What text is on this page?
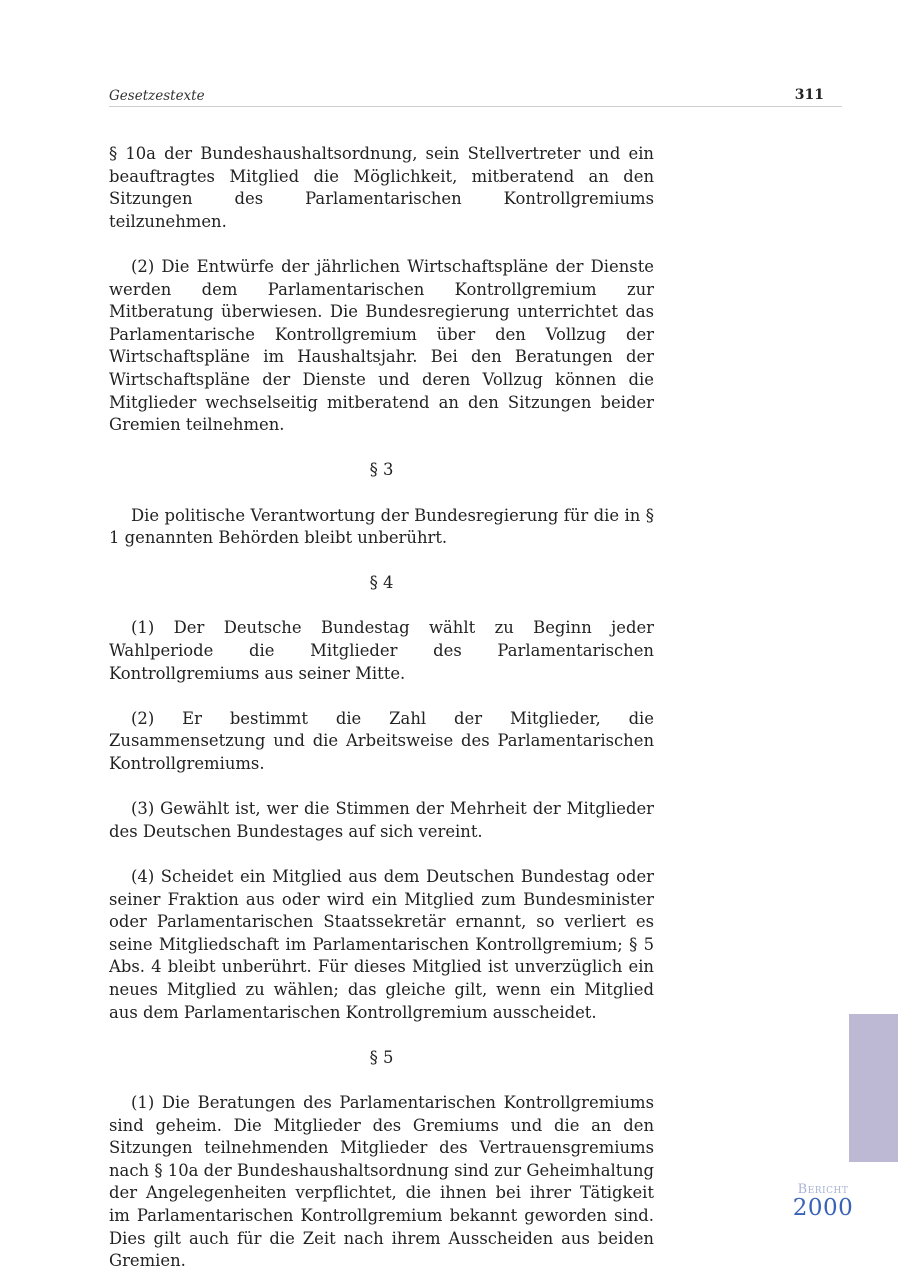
Gesetzestexte	311

§ 10a der Bundeshaushaltsordnung, sein Stellvertreter und ein beauftragtes Mitglied die Möglichkeit, mitberatend an den Sitzungen des Parlamentarischen Kontrollgremiums teilzunehmen.

(2) Die Entwürfe der jährlichen Wirtschaftspläne der Dienste werden dem Parlamentarischen Kontrollgremium zur Mitberatung überwiesen. Die Bundesregierung unterrichtet das Parlamentarische Kontrollgremium über den Vollzug der Wirtschaftspläne im Haushaltsjahr. Bei den Beratungen der Wirtschaftspläne der Dienste und deren Vollzug können die Mitglieder wechselseitig mitberatend an den Sitzungen beider Gremien teilnehmen.

§ 3

Die politische Verantwortung der Bundesregierung für die in § 1 genannten Behörden bleibt unberührt.

§ 4

(1) Der Deutsche Bundestag wählt zu Beginn jeder Wahlperiode die Mitglieder des Parlamentarischen Kontrollgremiums aus seiner Mitte.

(2) Er bestimmt die Zahl der Mitglieder, die Zusammensetzung und die Arbeitsweise des Parlamentarischen Kontrollgremiums.

(3) Gewählt ist, wer die Stimmen der Mehrheit der Mitglieder des Deutschen Bundestages auf sich vereint.

(4) Scheidet ein Mitglied aus dem Deutschen Bundestag oder seiner Fraktion aus oder wird ein Mitglied zum Bundesminister oder Parlamentarischen Staatssekretär ernannt, so verliert es seine Mitgliedschaft im Parlamentarischen Kontrollgremium; § 5 Abs. 4 bleibt unberührt. Für dieses Mitglied ist unverzüglich ein neues Mitglied zu wählen; das gleiche gilt, wenn ein Mitglied aus dem Parlamentarischen Kontrollgremium ausscheidet.

§ 5

(1) Die Beratungen des Parlamentarischen Kontrollgremiums sind geheim. Die Mitglieder des Gremiums und die an den Sitzungen teilnehmenden Mitglieder des Vertrauensgremiums nach § 10a der Bundeshaushaltsordnung sind zur Geheimhaltung der Angelegenheiten verpflichtet, die ihnen bei ihrer Tätigkeit im Parlamentarischen Kontrollgremium bekannt geworden sind. Dies gilt auch für die Zeit nach ihrem Ausscheiden aus beiden Gremien.

Bericht
2000
